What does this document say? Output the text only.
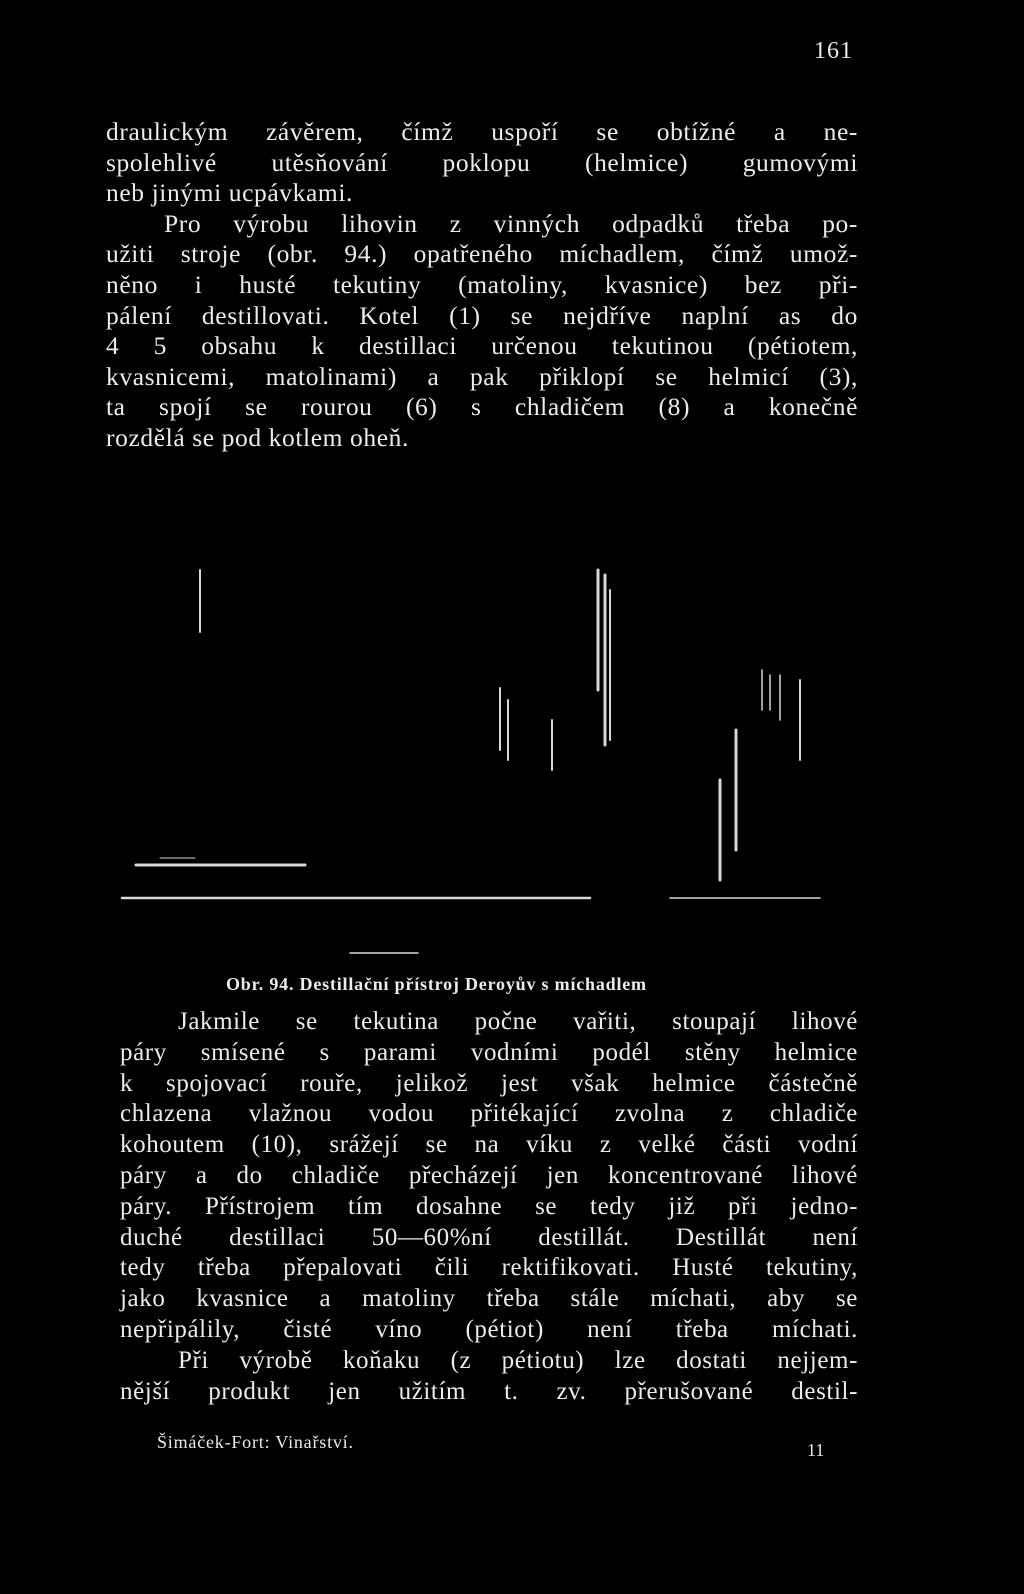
161
draulickým závěrem, čímž uspoří se obtížné a ne-
spolehlivé utěsňování poklopu (helmice) gumovými
neb jinými ucpávkami.
Pro výrobu lihovin z vinných odpadků třeba po-
užiti stroje (obr. 94.) opatřeného míchadlem, čímž umož-
něno i husté tekutiny (matoliny, kvasnice) bez při-
pálení destillovati. Kotel (1) se nejdříve naplní as do
4 5 obsahu k destillaci určenou tekutinou (pétiotem,
kvasnicemi, matolinami) a pak přiklopí se helmicí (3),
ta spojí se rourou (6) s chladičem (8) a konečně
rozdělá se pod kotlem oheň.
Obr. 94. Destillační přístroj Deroyův s míchadlem
Jakmile se tekutina počne vařiti, stoupají lihové
páry smísené s parami vodními podél stěny helmice
k spojovací rouře, jelikož jest však helmice částečně
chlazena vlažnou vodou přitékající zvolna z chladiče
kohoutem (10), srážejí se na víku z velké části vodní
páry a do chladiče přecházejí jen koncentrované lihové
páry. Přístrojem tím dosahne se tedy již při jedno-
duché destillaci 50—60%ní destillát. Destillát není
tedy třeba přepalovati čili rektifikovati. Husté tekutiny,
jako kvasnice a matoliny třeba stále míchati, aby se
nepřipálily, čisté víno (pétiot) není třeba míchati.
Při výrobě koňaku (z pétiotu) lze dostati nejjem-
nější produkt jen užitím t. zv. přerušované destil-
Šimáček-Fort: Vinařství.	11
